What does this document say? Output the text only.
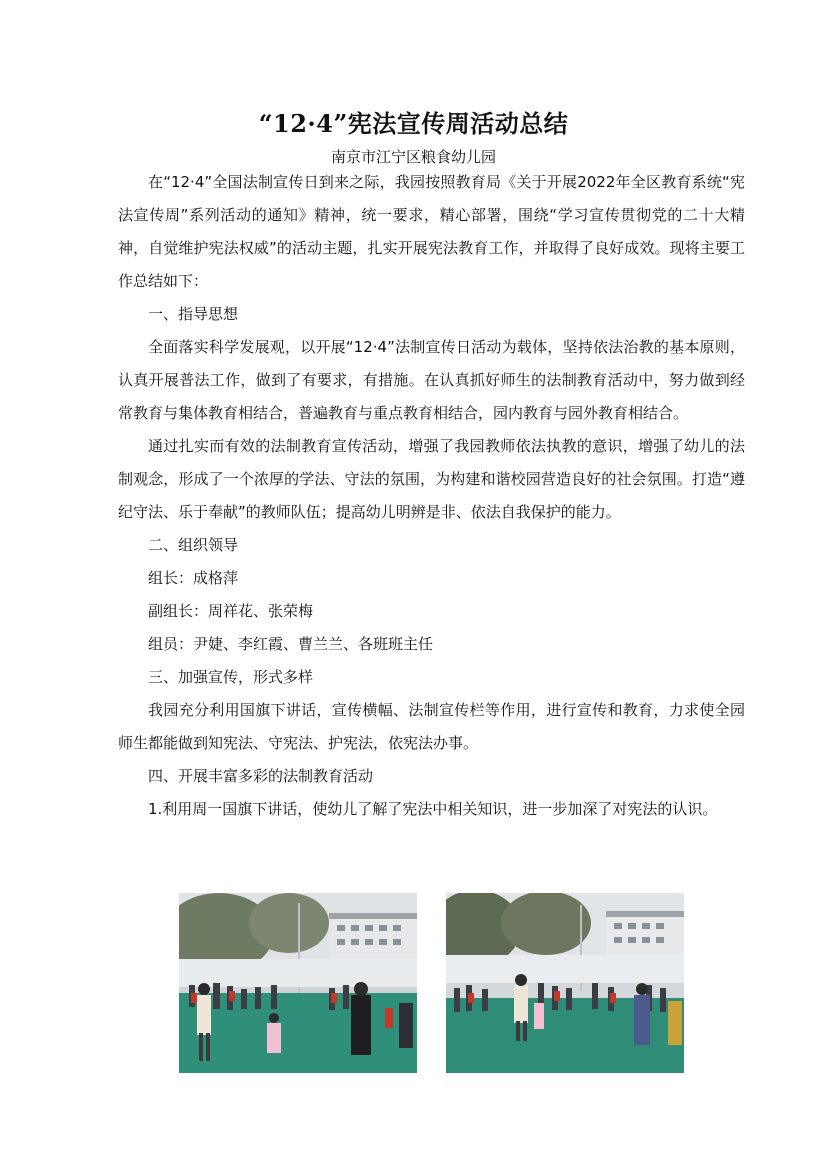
“12·4”宪法宣传周活动总结
南京市江宁区粮食幼儿园

在“12·4”全国法制宣传日到来之际，我园按照教育局《关于开展2022年全区教育系统“宪法宣传周”系列活动的通知》精神，统一要求，精心部署，围绕“学习宣传贯彻党的二十大精神，自觉维护宪法权威”的活动主题，扎实开展宪法教育工作，并取得了良好成效。现将主要工作总结如下：

一、指导思想

全面落实科学发展观，以开展“12·4”法制宣传日活动为载体，坚持依法治教的基本原则，认真开展普法工作，做到了有要求，有措施。在认真抓好师生的法制教育活动中，努力做到经常教育与集体教育相结合，普遍教育与重点教育相结合，园内教育与园外教育相结合。

通过扎实而有效的法制教育宣传活动，增强了我园教师依法执教的意识，增强了幼儿的法制观念，形成了一个浓厚的学法、守法的氛围，为构建和谐校园营造良好的社会氛围。打造“遵纪守法、乐于奉献”的教师队伍；提高幼儿明辨是非、依法自我保护的能力。

二、组织领导

组长：成格萍

副组长：周祥花、张荣梅

组员：尹婕、李红霞、曹兰兰、各班班主任

三、加强宣传，形式多样

我园充分利用国旗下讲话，宣传横幅、法制宣传栏等作用，进行宣传和教育，力求使全园师生都能做到知宪法、守宪法、护宪法，依宪法办事。

四、开展丰富多彩的法制教育活动

1.利用周一国旗下讲话，使幼儿了解了宪法中相关知识，进一步加深了对宪法的认识。
